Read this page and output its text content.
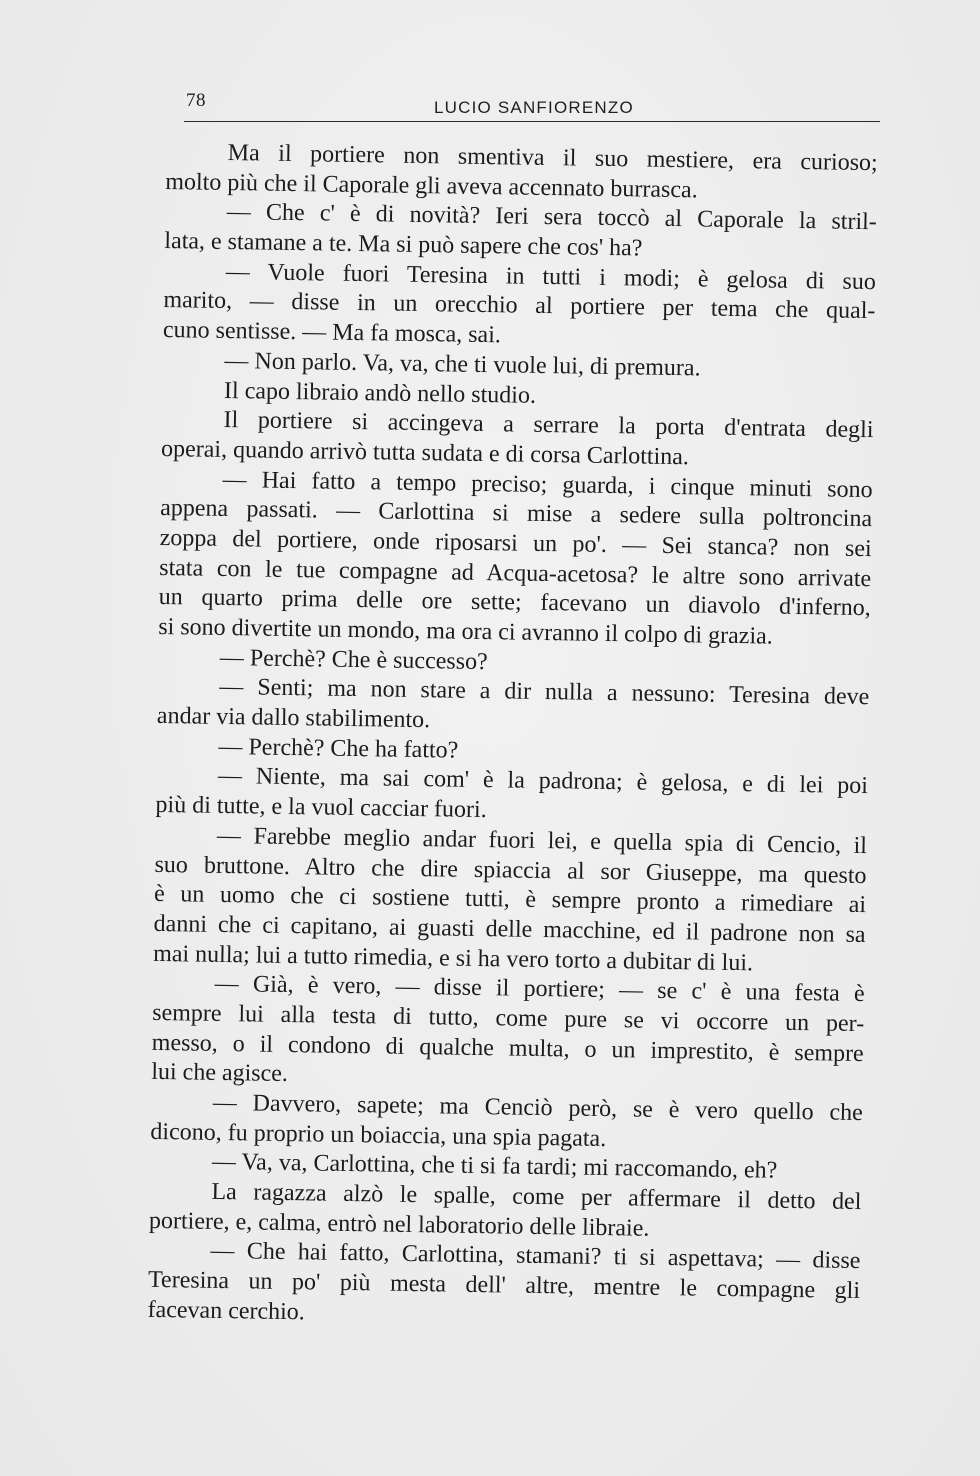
78	LUCIO SANFIORENZO
Ma il portiere non smentiva il suo mestiere, era curioso;
molto più che il Caporale gli aveva accennato burrasca.
— Che c' è di novità? Ieri sera toccò al Caporale la stril-
lata, e stamane a te. Ma si può sapere che cos' ha?
— Vuole fuori Teresina in tutti i modi; è gelosa di suo
marito, — disse in un orecchio al portiere per tema che qual-
cuno sentisse. — Ma fa mosca, sai.
— Non parlo. Va, va, che ti vuole lui, di premura.
Il capo libraio andò nello studio.
Il portiere si accingeva a serrare la porta d'entrata degli
operai, quando arrivò tutta sudata e di corsa Carlottina.
— Hai fatto a tempo preciso; guarda, i cinque minuti sono
appena passati. — Carlottina si mise a sedere sulla poltroncina
zoppa del portiere, onde riposarsi un po'. — Sei stanca? non sei
stata con le tue compagne ad Acqua-acetosa? le altre sono arrivate
un quarto prima delle ore sette; facevano un diavolo d'inferno,
si sono divertite un mondo, ma ora ci avranno il colpo di grazia.
— Perchè? Che è successo?
— Senti; ma non stare a dir nulla a nessuno: Teresina deve
andar via dallo stabilimento.
— Perchè? Che ha fatto?
— Niente, ma sai com' è la padrona; è gelosa, e di lei poi
più di tutte, e la vuol cacciar fuori.
— Farebbe meglio andar fuori lei, e quella spia di Cencio, il
suo bruttone. Altro che dire spiaccia al sor Giuseppe, ma questo
è un uomo che ci sostiene tutti, è sempre pronto a rimediare ai
danni che ci capitano, ai guasti delle macchine, ed il padrone non sa
mai nulla; lui a tutto rimedia, e si ha vero torto a dubitar di lui.
— Già, è vero, — disse il portiere; — se c' è una festa è
sempre lui alla testa di tutto, come pure se vi occorre un per-
messo, o il condono di qualche multa, o un imprestito, è sempre
lui che agisce.
— Davvero, sapete; ma Cenciò però, se è vero quello che
dicono, fu proprio un boiaccia, una spia pagata.
— Va, va, Carlottina, che ti si fa tardi; mi raccomando, eh?
La ragazza alzò le spalle, come per affermare il detto del
portiere, e, calma, entrò nel laboratorio delle libraie.
— Che hai fatto, Carlottina, stamani? ti si aspettava; — disse
Teresina un po' più mesta dell' altre, mentre le compagne gli
facevan cerchio.
